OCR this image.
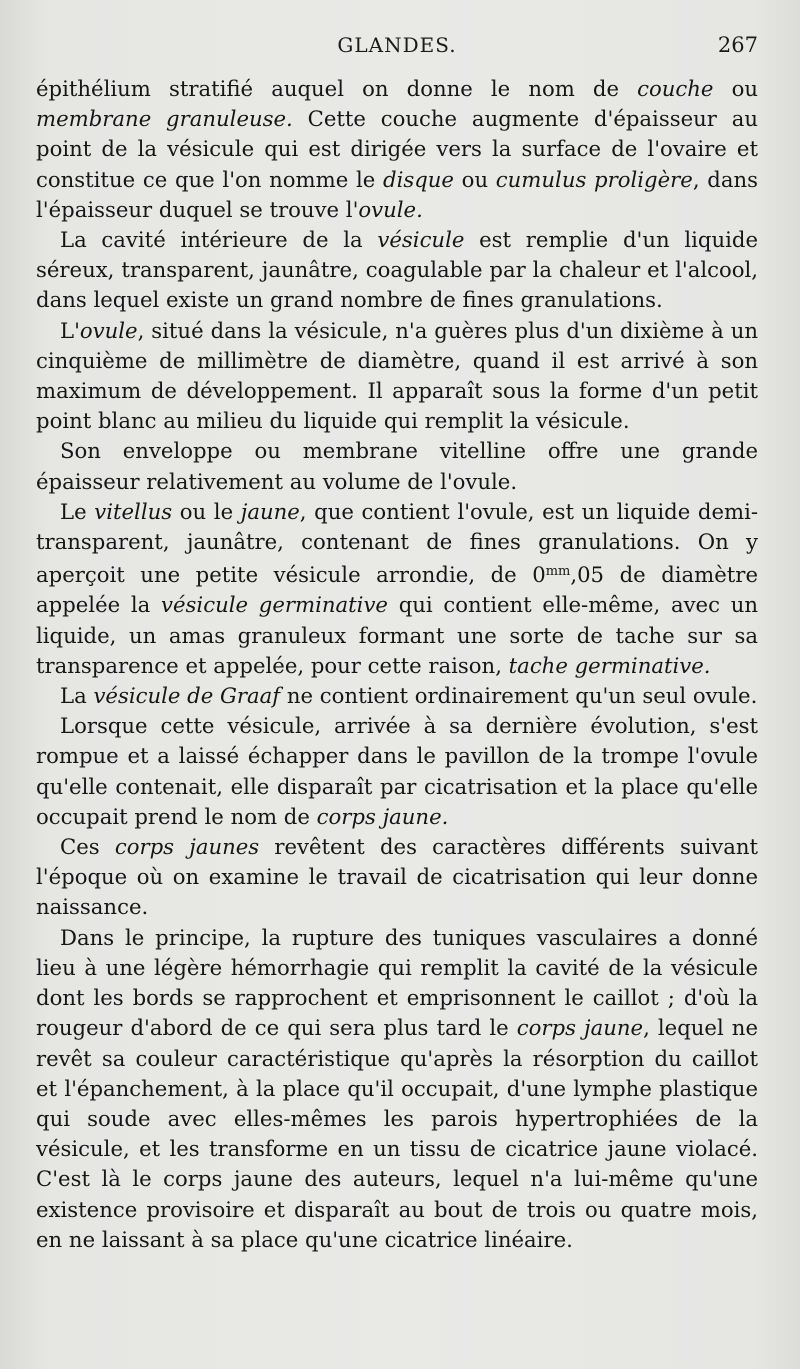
GLANDES.	267

épithélium stratifié auquel on donne le nom de couche ou membrane granuleuse. Cette couche augmente d'épaisseur au point de la vésicule qui est dirigée vers la surface de l'ovaire et constitue ce que l'on nomme le disque ou cumulus proligère, dans l'épaisseur duquel se trouve l'ovule.

La cavité intérieure de la vésicule est remplie d'un liquide séreux, transparent, jaunâtre, coagulable par la chaleur et l'alcool, dans lequel existe un grand nombre de fines granulations.

L'ovule, situé dans la vésicule, n'a guères plus d'un dixième à un cinquième de millimètre de diamètre, quand il est arrivé à son maximum de développement. Il apparaît sous la forme d'un petit point blanc au milieu du liquide qui remplit la vésicule.

Son enveloppe ou membrane vitelline offre une grande épaisseur relativement au volume de l'ovule.

Le vitellus ou le jaune, que contient l'ovule, est un liquide demi-transparent, jaunâtre, contenant de fines granulations. On y aperçoit une petite vésicule arrondie, de $0^{mm},05$ de diamètre appelée la vésicule germinative qui contient elle-même, avec un liquide, un amas granuleux formant une sorte de tache sur sa transparence et appelée, pour cette raison, tache germinative.

La vésicule de Graaf ne contient ordinairement qu'un seul ovule.

Lorsque cette vésicule, arrivée à sa dernière évolution, s'est rompue et a laissé échapper dans le pavillon de la trompe l'ovule qu'elle contenait, elle disparaît par cicatrisation et la place qu'elle occupait prend le nom de corps jaune.

Ces corps jaunes revêtent des caractères différents suivant l'époque où on examine le travail de cicatrisation qui leur donne naissance.

Dans le principe, la rupture des tuniques vasculaires a donné lieu à une légère hémorrhagie qui remplit la cavité de la vésicule dont les bords se rapprochent et emprisonnent le caillot ; d'où la rougeur d'abord de ce qui sera plus tard le corps jaune, lequel ne revêt sa couleur caractéristique qu'après la résorption du caillot et l'épanchement, à la place qu'il occupait, d'une lymphe plastique qui soude avec elles-mêmes les parois hypertrophiées de la vésicule, et les transforme en un tissu de cicatrice jaune violacé. C'est là le corps jaune des auteurs, lequel n'a lui-même qu'une existence provisoire et disparaît au bout de trois ou quatre mois, en ne laissant à sa place qu'une cicatrice linéaire.
